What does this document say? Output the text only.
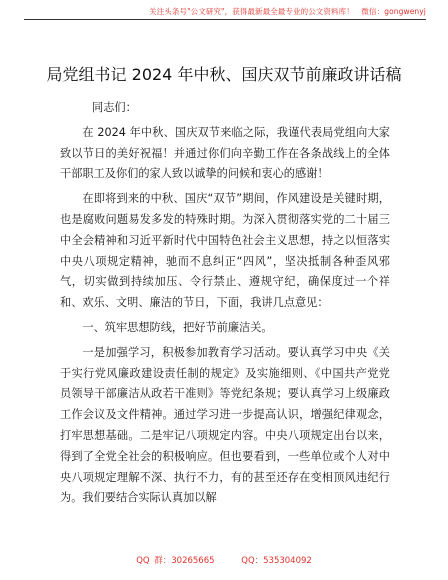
关注头条号"公文研究"，获得最新最全最专业的公文资料库！　微信：gongwenyj
局党组书记 2024 年中秋、国庆双节前廉政讲话稿

同志们：

在 2024 年中秋、国庆双节来临之际，我谨代表局党组向大家致以节日的美好祝福！并通过你们向辛勤工作在各条战线上的全体干部职工及你们的家人致以诚挚的问候和衷心的感谢！

在即将到来的中秋、国庆“双节”期间，作风建设是关键时期，也是腐败问题易发多发的特殊时期。为深入贯彻落实党的二十届三中全会精神和习近平新时代中国特色社会主义思想，持之以恒落实中央八项规定精神，驰而不息纠正“四风”，坚决抵制各种歪风邪气，切实做到持续加压、令行禁止、遵规守纪，确保度过一个祥和、欢乐、文明、廉洁的节日，下面，我讲几点意见：

一、筑牢思想防线，把好节前廉洁关。

一是加强学习，积极参加教育学习活动。要认真学习中央《关于实行党风廉政建设责任制的规定》及实施细则、《中国共产党党员领导干部廉洁从政若干准则》等党纪条规；要认真学习上级廉政工作会议及文件精神。通过学习进一步提高认识，增强纪律观念，打牢思想基础。二是牢记八项规定内容。中央八项规定出台以来，得到了全党全社会的积极响应。但也要看到，一些单位或个人对中央八项规定理解不深、执行不力，有的甚至还存在变相顶风违纪行为。我们要结合实际认真加以解

QQ 群：30265665	QQ：535304092
